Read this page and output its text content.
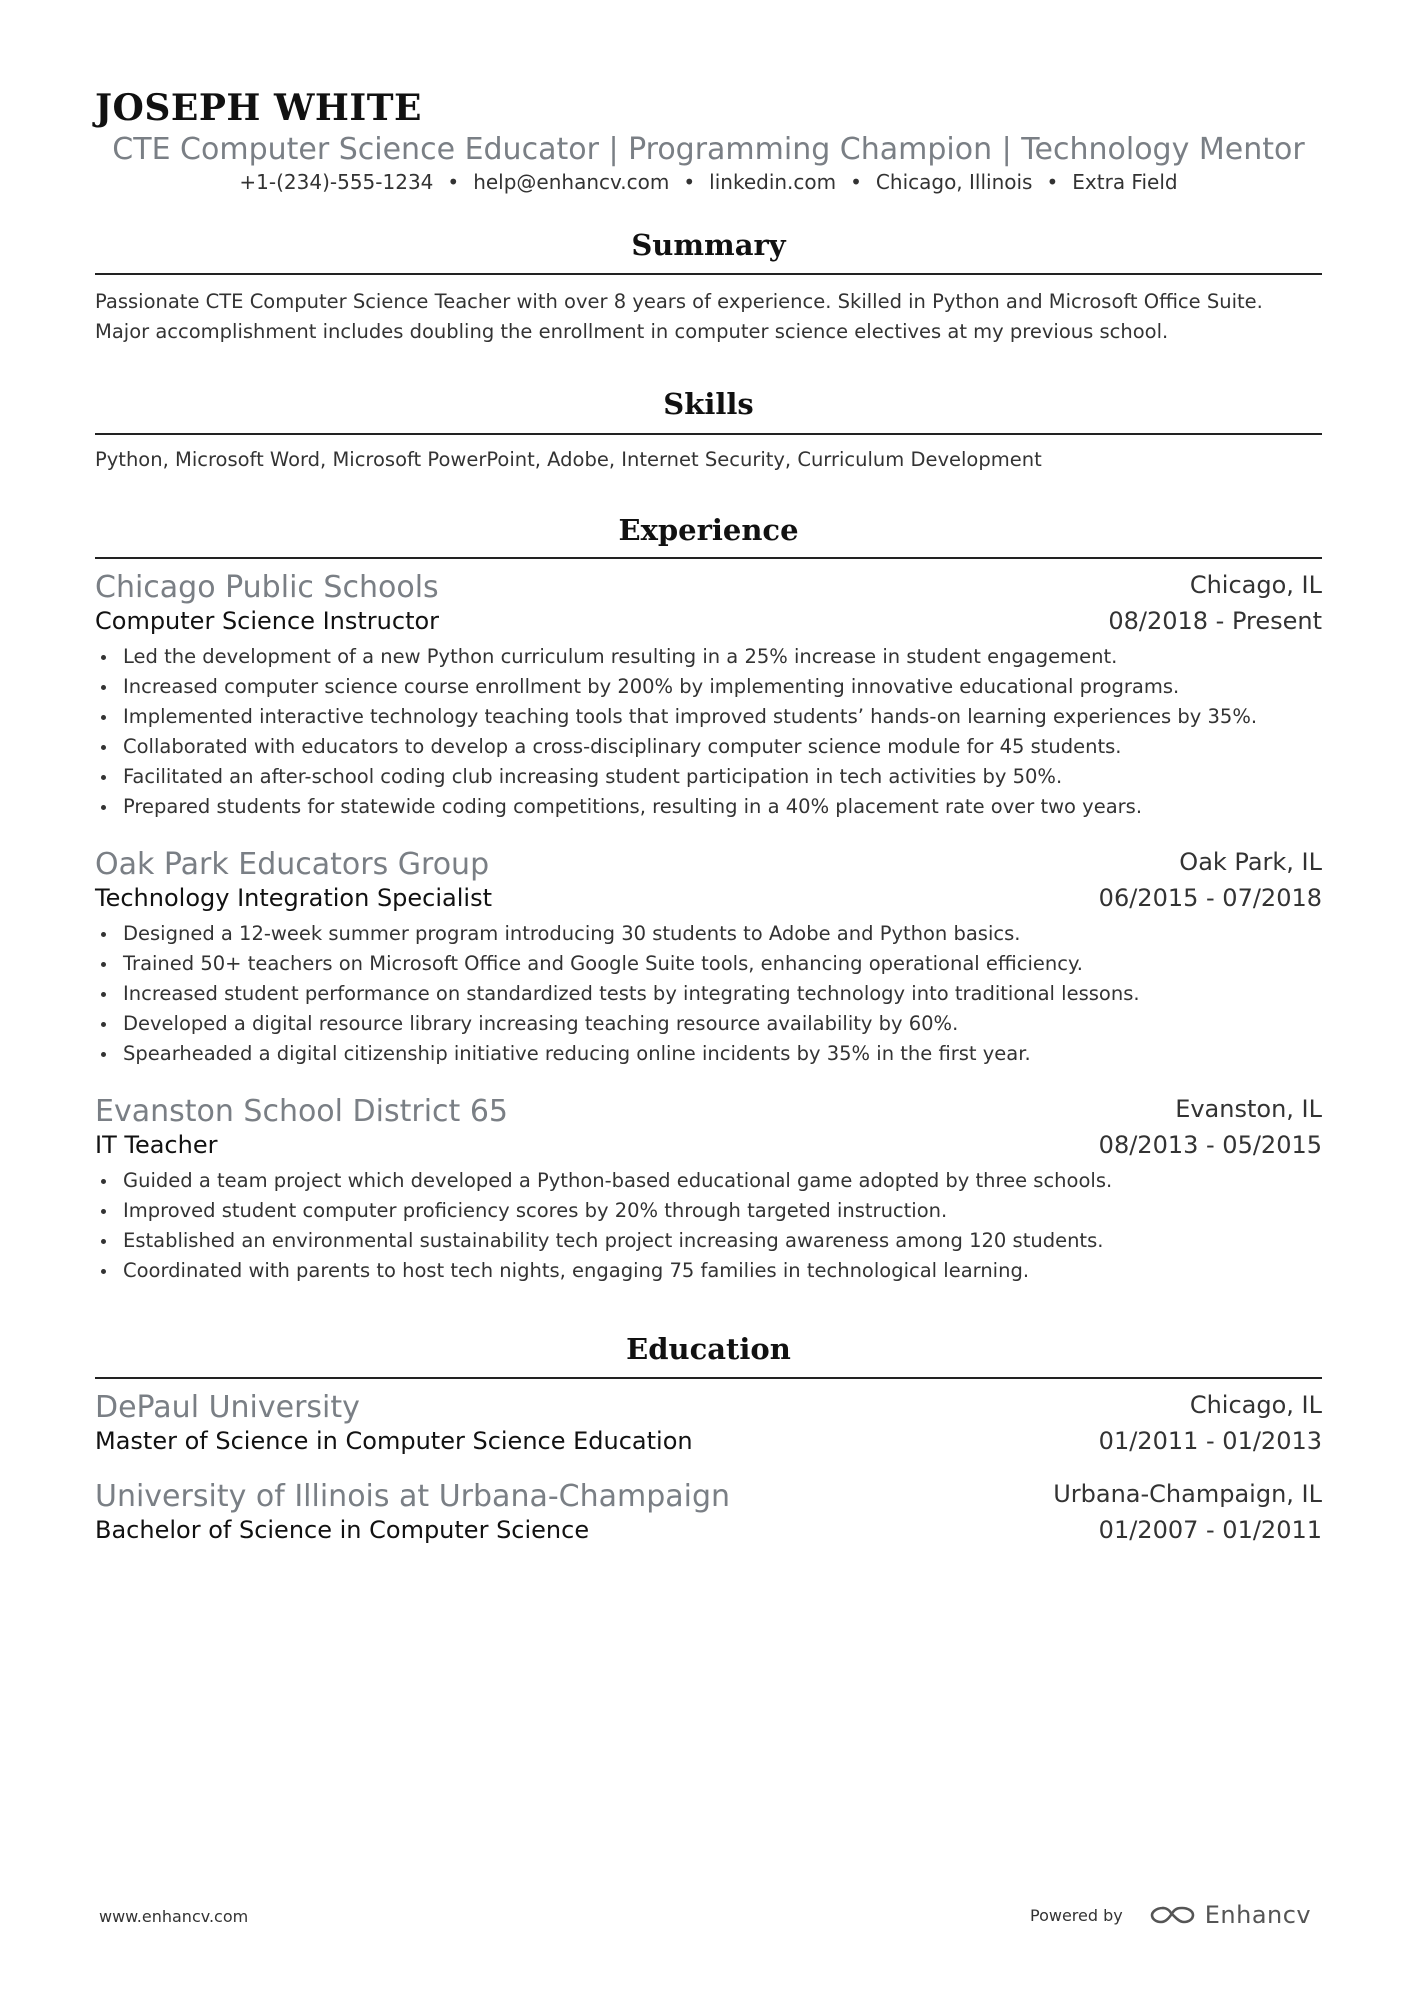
JOSEPH WHITE
CTE Computer Science Educator | Programming Champion | Technology Mentor
+1-(234)-555-1234 • help@enhancv.com • linkedin.com • Chicago, Illinois • Extra Field
Summary
Passionate CTE Computer Science Teacher with over 8 years of experience. Skilled in Python and Microsoft Office Suite.
Major accomplishment includes doubling the enrollment in computer science electives at my previous school.
Skills
Python, Microsoft Word, Microsoft PowerPoint, Adobe, Internet Security, Curriculum Development
Experience
Chicago Public Schools	Chicago, IL
Computer Science Instructor	08/2018 - Present
Led the development of a new Python curriculum resulting in a 25% increase in student engagement.
Increased computer science course enrollment by 200% by implementing innovative educational programs.
Implemented interactive technology teaching tools that improved students’ hands-on learning experiences by 35%.
Collaborated with educators to develop a cross-disciplinary computer science module for 45 students.
Facilitated an after-school coding club increasing student participation in tech activities by 50%.
Prepared students for statewide coding competitions, resulting in a 40% placement rate over two years.
Oak Park Educators Group	Oak Park, IL
Technology Integration Specialist	06/2015 - 07/2018
Designed a 12-week summer program introducing 30 students to Adobe and Python basics.
Trained 50+ teachers on Microsoft Office and Google Suite tools, enhancing operational efficiency.
Increased student performance on standardized tests by integrating technology into traditional lessons.
Developed a digital resource library increasing teaching resource availability by 60%.
Spearheaded a digital citizenship initiative reducing online incidents by 35% in the first year.
Evanston School District 65	Evanston, IL
IT Teacher	08/2013 - 05/2015
Guided a team project which developed a Python-based educational game adopted by three schools.
Improved student computer proficiency scores by 20% through targeted instruction.
Established an environmental sustainability tech project increasing awareness among 120 students.
Coordinated with parents to host tech nights, engaging 75 families in technological learning.
Education
DePaul University	Chicago, IL
Master of Science in Computer Science Education	01/2011 - 01/2013
University of Illinois at Urbana-Champaign	Urbana-Champaign, IL
Bachelor of Science in Computer Science	01/2007 - 01/2011
www.enhancv.com	Powered by	Enhancv
